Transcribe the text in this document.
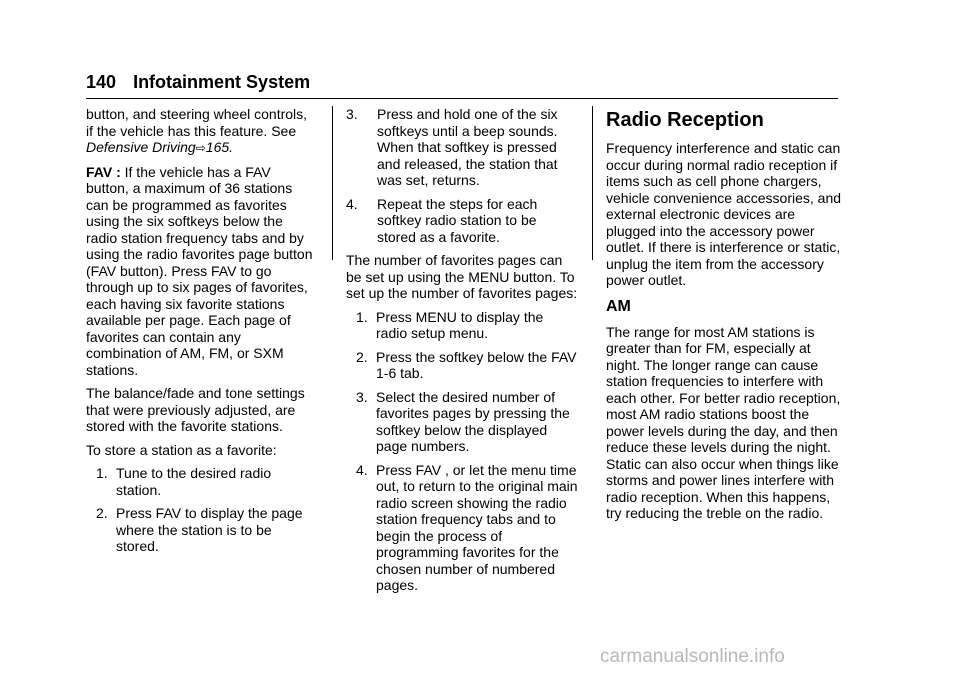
140 Infotainment System

button, and steering wheel controls, if the vehicle has this feature. See Defensive Driving⇨165.

FAV : If the vehicle has a FAV button, a maximum of 36 stations can be programmed as favorites using the six softkeys below the radio station frequency tabs and by using the radio favorites page button (FAV button). Press FAV to go through up to six pages of favorites, each having six favorite stations available per page. Each page of favorites can contain any combination of AM, FM, or SXM stations.

The balance/fade and tone settings that were previously adjusted, are stored with the favorite stations.

To store a station as a favorite:

1. Tune to the desired radio station.
2. Press FAV to display the page where the station is to be stored.
3. Press and hold one of the six softkeys until a beep sounds. When that softkey is pressed and released, the station that was set, returns.
4. Repeat the steps for each softkey radio station to be stored as a favorite.

The number of favorites pages can be set up using the MENU button. To set up the number of favorites pages:

1. Press MENU to display the radio setup menu.
2. Press the softkey below the FAV 1-6 tab.
3. Select the desired number of favorites pages by pressing the softkey below the displayed page numbers.
4. Press FAV , or let the menu time out, to return to the original main radio screen showing the radio station frequency tabs and to begin the process of programming favorites for the chosen number of numbered pages.
Radio Reception

Frequency interference and static can occur during normal radio reception if items such as cell phone chargers, vehicle convenience accessories, and external electronic devices are plugged into the accessory power outlet. If there is interference or static, unplug the item from the accessory power outlet.

AM

The range for most AM stations is greater than for FM, especially at night. The longer range can cause station frequencies to interfere with each other. For better radio reception, most AM radio stations boost the power levels during the day, and then reduce these levels during the night. Static can also occur when things like storms and power lines interfere with radio reception. When this happens, try reducing the treble on the radio.

carmanualsonline.info
